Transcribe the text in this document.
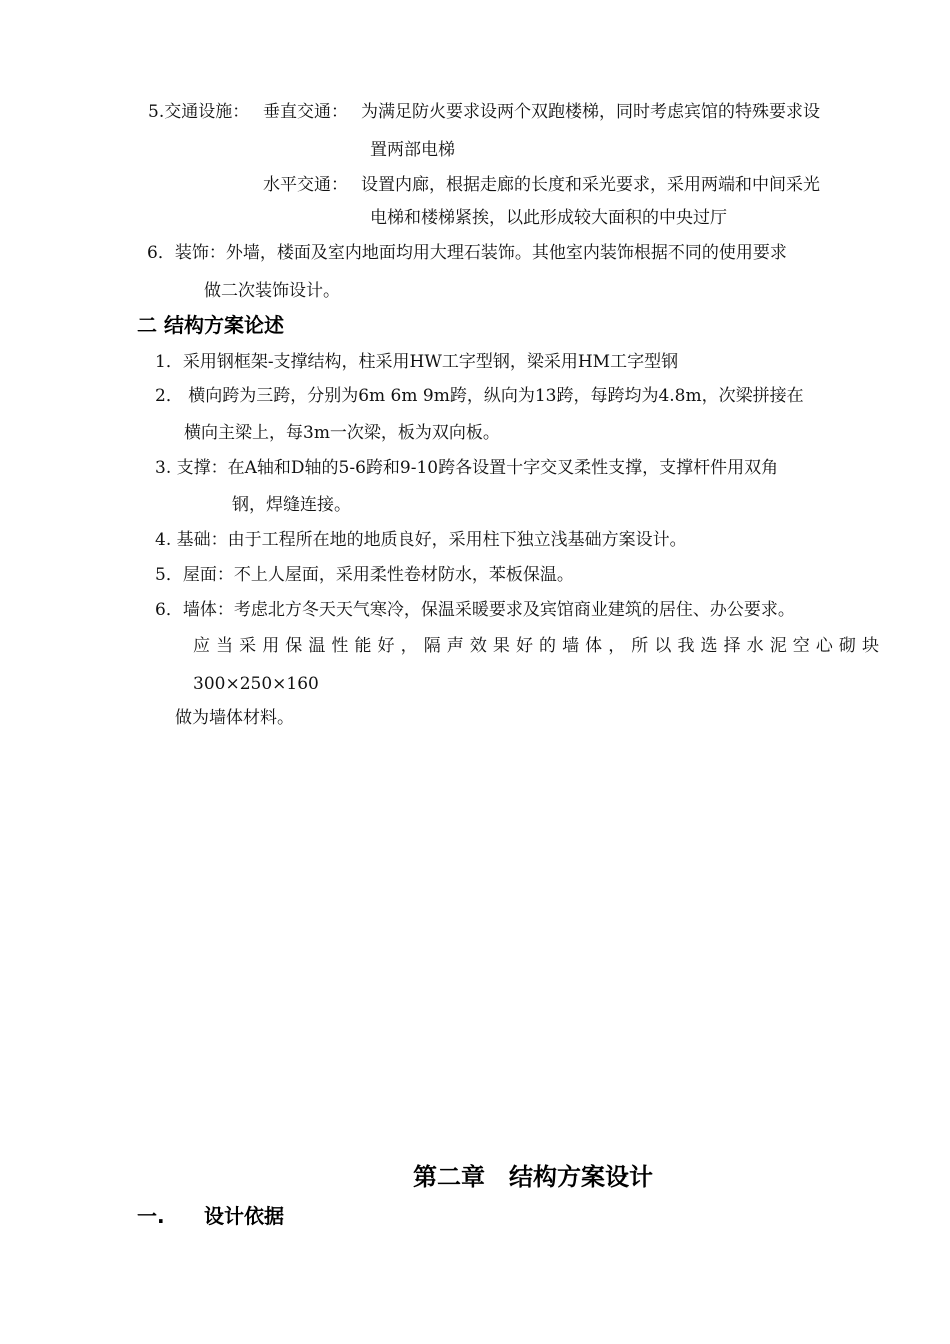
5.交通设施： 垂直交通： 为满足防火要求设两个双跑楼梯，同时考虑宾馆的特殊要求设
置两部电梯
水平交通： 设置内廊，根据走廊的长度和采光要求，采用两端和中间采光
电梯和楼梯紧挨，以此形成较大面积的中央过厅
6．装饰：外墙，楼面及室内地面均用大理石装饰。其他室内装饰根据不同的使用要求
做二次装饰设计。
二 结构方案论述
1．采用钢框架-支撑结构，柱采用HW工字型钢，梁采用HM工字型钢
2． 横向跨为三跨，分别为6m 6m 9m跨，纵向为13跨，每跨均为4.8m，次梁拼接在
横向主梁上，每3m一次梁，板为双向板。
3. 支撑：在A轴和D轴的5-6跨和9-10跨各设置十字交叉柔性支撑，支撑杆件用双角
钢，焊缝连接。
4. 基础：由于工程所在地的地质良好，采用柱下独立浅基础方案设计。
5．屋面：不上人屋面，采用柔性卷材防水，苯板保温。
6．墙体：考虑北方冬天天气寒冷，保温采暖要求及宾馆商业建筑的居住、办公要求。
应当采用保温性能好，隔声效果好的墙体，所以我选择水泥空心砌块
300×250×160
做为墙体材料。
第二章　结构方案设计
一. 设计依据
